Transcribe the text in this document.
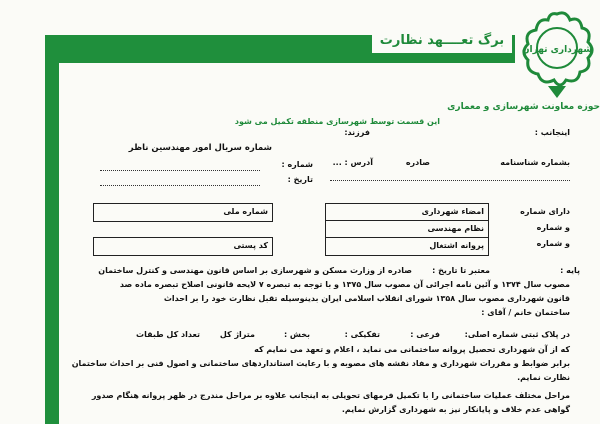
برگ تعــــهد نظارت
شهرداری تهران
حوزه معاونت شهرسازی و معماری
این قسمت توسط شهرسازی منطقه تکمیل می شود
شماره سریال امور مهندسین ناظر
شماره :
تاریخ :
اینجانب :
فرزند:
بشماره شناسنامه
صادره
آدرس : ...
دارای شماره
و شماره
و شماره
امضاء شهرداری
نظام مهندسی
پروانه اشتغال
شماره ملی
کد پستی
پایه :
معتبر تا تاریخ :
صادره از وزارت مسکن و شهرسازی بر اساس قانون مهندسی و کنترل ساختمان
مصوب سال ۱۳۷۴ و آئین نامه اجرائی آن مصوب سال ۱۳۷۵ و با توجه به تبصره ۷ لایحه قانونی اصلاح تبصره ماده صد
قانون شهرداری مصوب سال ۱۳۵۸ شورای انقلاب اسلامی ایران بدینوسیله تقبل نظارت خود را بر احداث
ساختمان خانم / آقای :
در پلاک ثبتی شماره اصلی:
فرعی :
تفکیکی :
بخش :
متراژ کل
تعداد کل طبقات
که از آن شهرداری تحصیل پروانه ساختمانی می نماید ، اعلام و تعهد می نمایم که
برابر ضوابط و مقررات شهرداری و مفاد نقشه های مصوبه و با رعایت استانداردهای ساختمانی و اصول فنی بر احداث ساختمان
نظارت نمایم.
مراحل مختلف عملیات ساختمانی را با تکمیل فرمهای تحویلی به اینجانب علاوه بر مراحل مندرج در ظهر پروانه هنگام صدور
گواهی عدم خلاف و پایانکار نیز به شهرداری گزارش نمایم.
